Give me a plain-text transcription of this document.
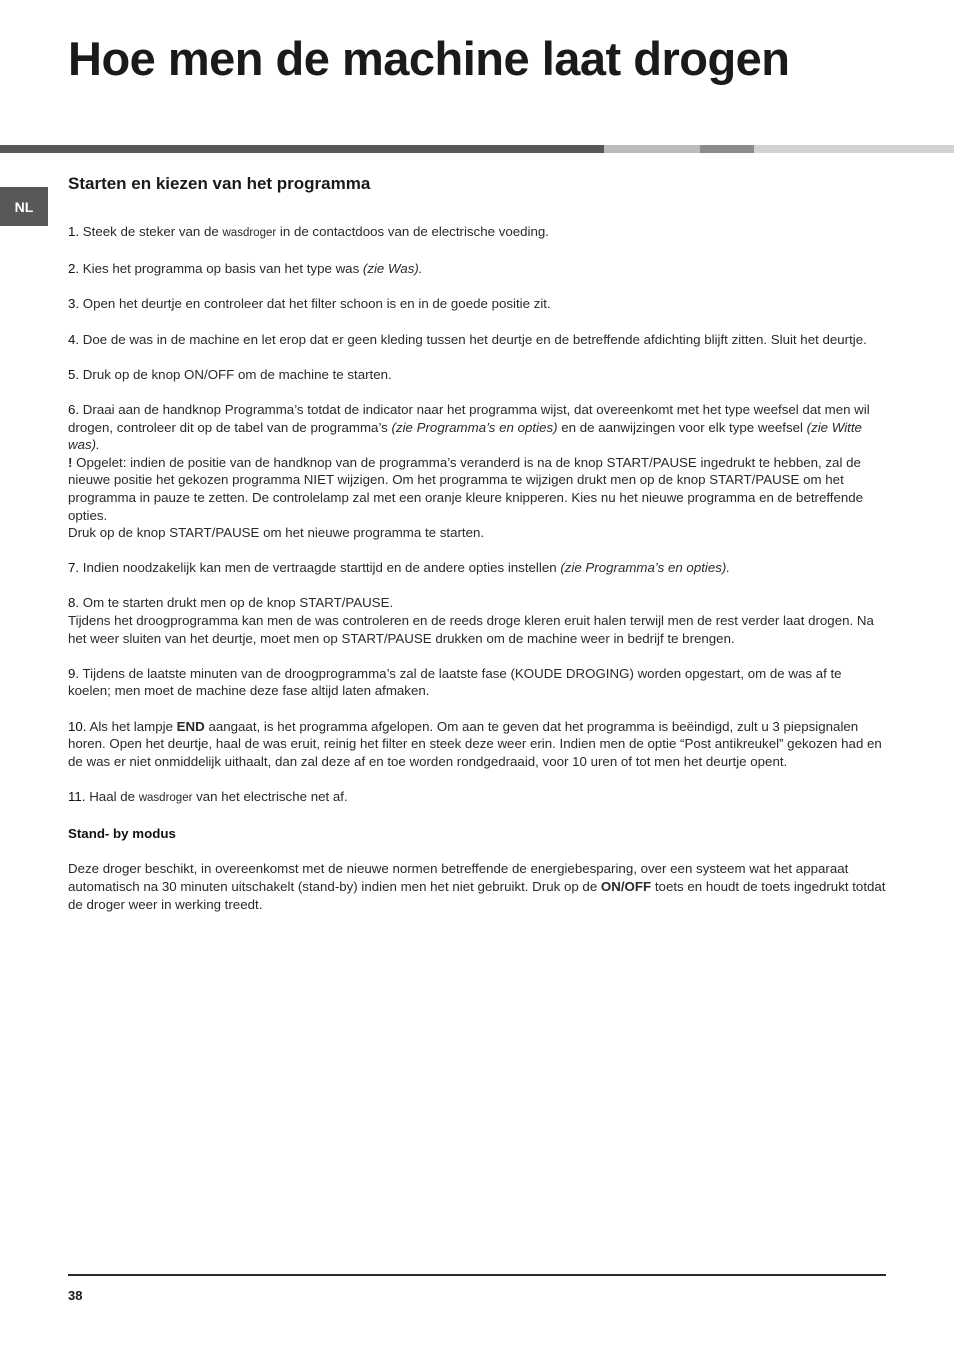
Hoe men de machine laat drogen
NL
Starten en kiezen van het programma

1. Steek de steker van de wasdroger in de contactdoos van de electrische voeding.

2. Kies het programma op basis van het type was (zie Was).

3. Open het deurtje en controleer dat het filter schoon is en in de goede positie zit.

4. Doe de was in de machine en let erop dat er geen kleding tussen het deurtje en de betreffende afdichting blijft zitten. Sluit het deurtje.

5. Druk op de knop ON/OFF om de machine te starten.

6. Draai aan de handknop Programma’s totdat de indicator naar het programma wijst, dat overeenkomt met het type weefsel dat men wil drogen, controleer dit op de tabel van de programma’s (zie Programma’s en opties) en de aanwijzingen voor elk type weefsel (zie Witte was).

! Opgelet: indien de positie van de handknop van de programma’s veranderd is na de knop START/PAUSE ingedrukt te hebben, zal de nieuwe positie het gekozen programma NIET wijzigen. Om het programma te wijzigen drukt men op de knop START/PAUSE om het programma in pauze te zetten. De controlelamp zal met een oranje kleure knipperen. Kies nu het nieuwe programma en de betreffende opties.

Druk op de knop START/PAUSE om het nieuwe programma te starten.

7. Indien noodzakelijk kan men de vertraagde starttijd en de andere opties instellen (zie Programma’s en opties).

8. Om te starten drukt men op de knop START/PAUSE.

Tijdens het droogprogramma kan men de was controleren en de reeds droge kleren eruit halen terwijl men de rest verder laat drogen. Na het weer sluiten van het deurtje, moet men op START/PAUSE drukken om de machine weer in bedrijf te brengen.

9. Tijdens de laatste minuten van de droogprogramma’s zal de laatste fase (KOUDE DROGING) worden opgestart, om de was af te koelen; men moet de machine deze fase altijd laten afmaken.

10. Als het lampje END aangaat, is het programma afgelopen. Om aan te geven dat het programma is beëindigd, zult u 3 piepsignalen horen. Open het deurtje, haal de was eruit, reinig het filter en steek deze weer erin. Indien men de optie “Post antikreukel” gekozen had en de was er niet onmiddelijk uithaalt, dan zal deze af en toe worden rondgedraaid, voor 10 uren of tot men het deurtje opent.

11. Haal de wasdroger van het electrische net af.

Stand- by modus

Deze droger beschikt, in overeenkomst met de nieuwe normen betreffende de energiebesparing, over een systeem wat het apparaat automatisch na 30 minuten uitschakelt (stand-by) indien men het niet gebruikt. Druk op de ON/OFF toets en houdt de toets ingedrukt totdat de droger weer in werking treedt.

38
